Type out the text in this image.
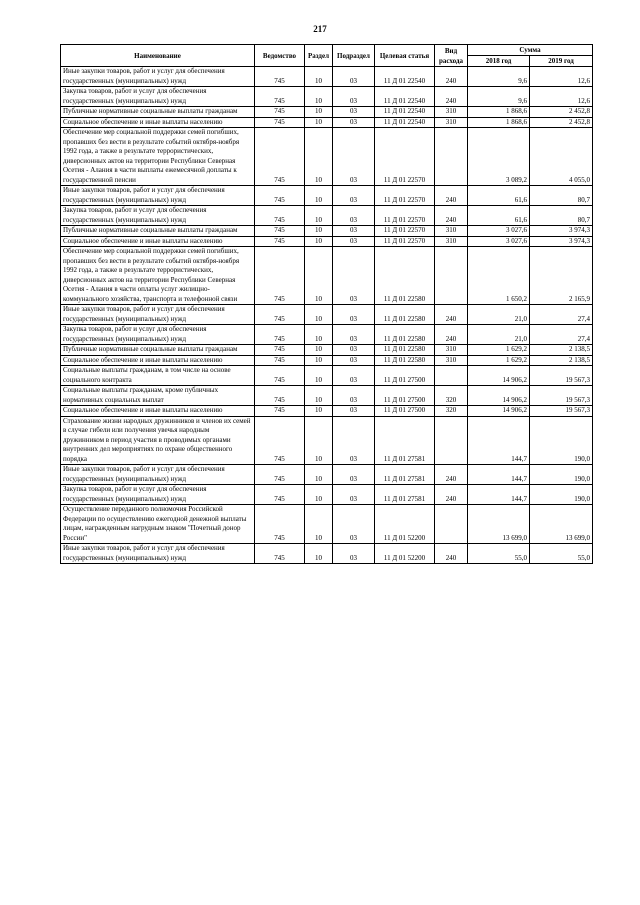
217
Наименование	Ведомство	Раздел	Подраздел	Целевая статья	Вид расхода	Сумма	
						2018 год	2019 год
Иные закупки товаров, работ и услуг для обеспечения государственных (муниципальных) нужд	745	10	03	11 Д 01 22540	240	9,6	12,6
Закупка товаров, работ и услуг для обеспечения государственных (муниципальных) нужд	745	10	03	11 Д 01 22540	240	9,6	12,6
Публичные нормативные социальные выплаты гражданам	745	10	03	11 Д 01 22540	310	1 868,6	2 452,8
Социальное обеспечение и иные выплаты населению	745	10	03	11 Д 01 22540	310	1 868,6	2 452,8
Обеспечение мер социальной поддержки семей погибших, пропавших без вести в результате событий октября-ноября 1992 года, а также в результате террористических, диверсионных актов на территории Республики Северная Осетия - Алания в части выплаты ежемесячной доплаты к государственной пенсии	745	10	03	11 Д 01 22570		3 089,2	4 055,0
Иные закупки товаров, работ и услуг для обеспечения государственных (муниципальных) нужд	745	10	03	11 Д 01 22570	240	61,6	80,7
Закупка товаров, работ и услуг для обеспечения государственных (муниципальных) нужд	745	10	03	11 Д 01 22570	240	61,6	80,7
Публичные нормативные социальные выплаты гражданам	745	10	03	11 Д 01 22570	310	3 027,6	3 974,3
Социальное обеспечение и иные выплаты населению	745	10	03	11 Д 01 22570	310	3 027,6	3 974,3
Обеспечение мер социальной поддержки семей погибших, пропавших без вести в результате событий октября-ноября 1992 года, а также в результате террористических, диверсионных актов на территории Республики Северная Осетия - Алания в части оплаты услуг жилищно-коммунального хозяйства, транспорта и телефонной связи	745	10	03	11 Д 01 22580		1 650,2	2 165,9
Иные закупки товаров, работ и услуг для обеспечения государственных (муниципальных) нужд	745	10	03	11 Д 01 22580	240	21,0	27,4
Закупка товаров, работ и услуг для обеспечения государственных (муниципальных) нужд	745	10	03	11 Д 01 22580	240	21,0	27,4
Публичные нормативные социальные выплаты гражданам	745	10	03	11 Д 01 22580	310	1 629,2	2 138,5
Социальное обеспечение и иные выплаты населению	745	10	03	11 Д 01 22580	310	1 629,2	2 138,5
Социальные выплаты гражданам, в том числе на основе социального контракта	745	10	03	11 Д 01 27500		14 906,2	19 567,3
Социальные выплаты гражданам, кроме публичных нормативных социальных выплат	745	10	03	11 Д 01 27500	320	14 906,2	19 567,3
Социальное обеспечение и иные выплаты населению	745	10	03	11 Д 01 27500	320	14 906,2	19 567,3
Страхование жизни народных дружинников и членов их семей в случае гибели или получения увечья народным дружинником в период участия в проводимых органами внутренних дел мероприятиях по охране общественного порядка	745	10	03	11 Д 01 27581		144,7	190,0
Иные закупки товаров, работ и услуг для обеспечения государственных (муниципальных) нужд	745	10	03	11 Д 01 27581	240	144,7	190,0
Закупка товаров, работ и услуг для обеспечения государственных (муниципальных) нужд	745	10	03	11 Д 01 27581	240	144,7	190,0
Осуществление переданного полномочия Российской Федерации по осуществлению ежегодной денежной выплаты лицам, награжденным нагрудным знаком "Почетный донор России"	745	10	03	11 Д 01 52200		13 699,0	13 699,0
Иные закупки товаров, работ и услуг для обеспечения государственных (муниципальных) нужд	745	10	03	11 Д 01 52200	240	55,0	55,0
